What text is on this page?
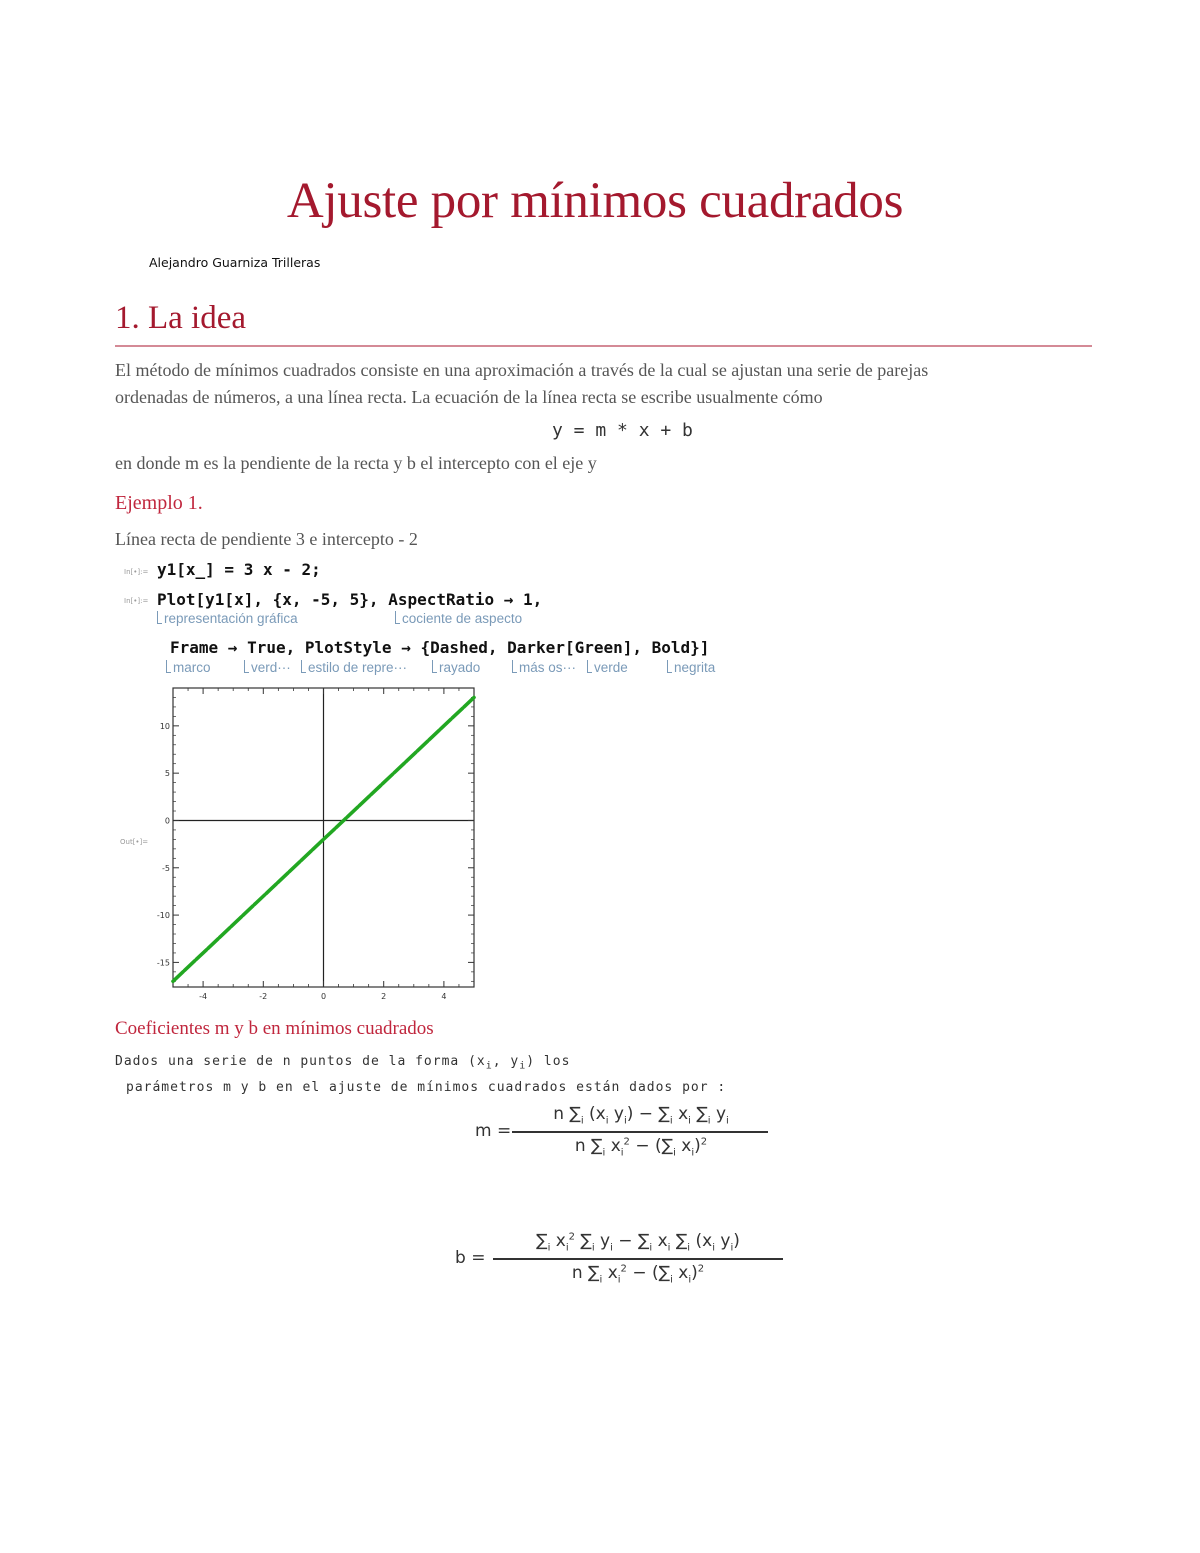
Ajuste por mínimos cuadrados
Alejandro Guarniza Trilleras
1. La idea
El método de mínimos cuadrados consiste en una aproximación a través de la cual se ajustan una serie de parejas
ordenadas de números, a una línea recta. La ecuación de la línea recta se escribe usualmente cómo
y = m * x + b
en donde m es la pendiente de la recta y b el intercepto con el eje y
Ejemplo 1.
Línea recta de pendiente 3 e intercepto - 2
In[•]:= y1[x_] = 3 x - 2;
In[•]:= Plot[y1[x], {x, -5, 5}, AspectRatio → 1,
representación gráfica	cociente de aspecto
Frame → True, PlotStyle → {Dashed, Darker[Green], Bold}]
marco	verd···	estilo de repre···	rayado	más os···	verde	negrita
Out[•]=
-4	-2	0	2	4
-15
-10
-5
0
5
10
Coeficientes m y b en mínimos cuadrados
Dados una serie de n puntos de la forma ($x_i$, $y_i$) los
parámetros m y b en el ajuste de mínimos cuadrados están dados por :
m =
n $\sum_i$ ($x_i$ $y_i) - \sum_i$ $x_i$ $\sum_i$ $y_i$
n $\sum_i$ $x_i^2 - (\sum_i$ $x_i)^2$
b =
$\sum_i$ $x_i^2$ $\sum_i$ $y_i - \sum_i$ $x_i$ $\sum_i$ ($x_i$ $y_i$)
n $\sum_i$ $x_i^2 - (\sum_i$ $x_i)^2$
